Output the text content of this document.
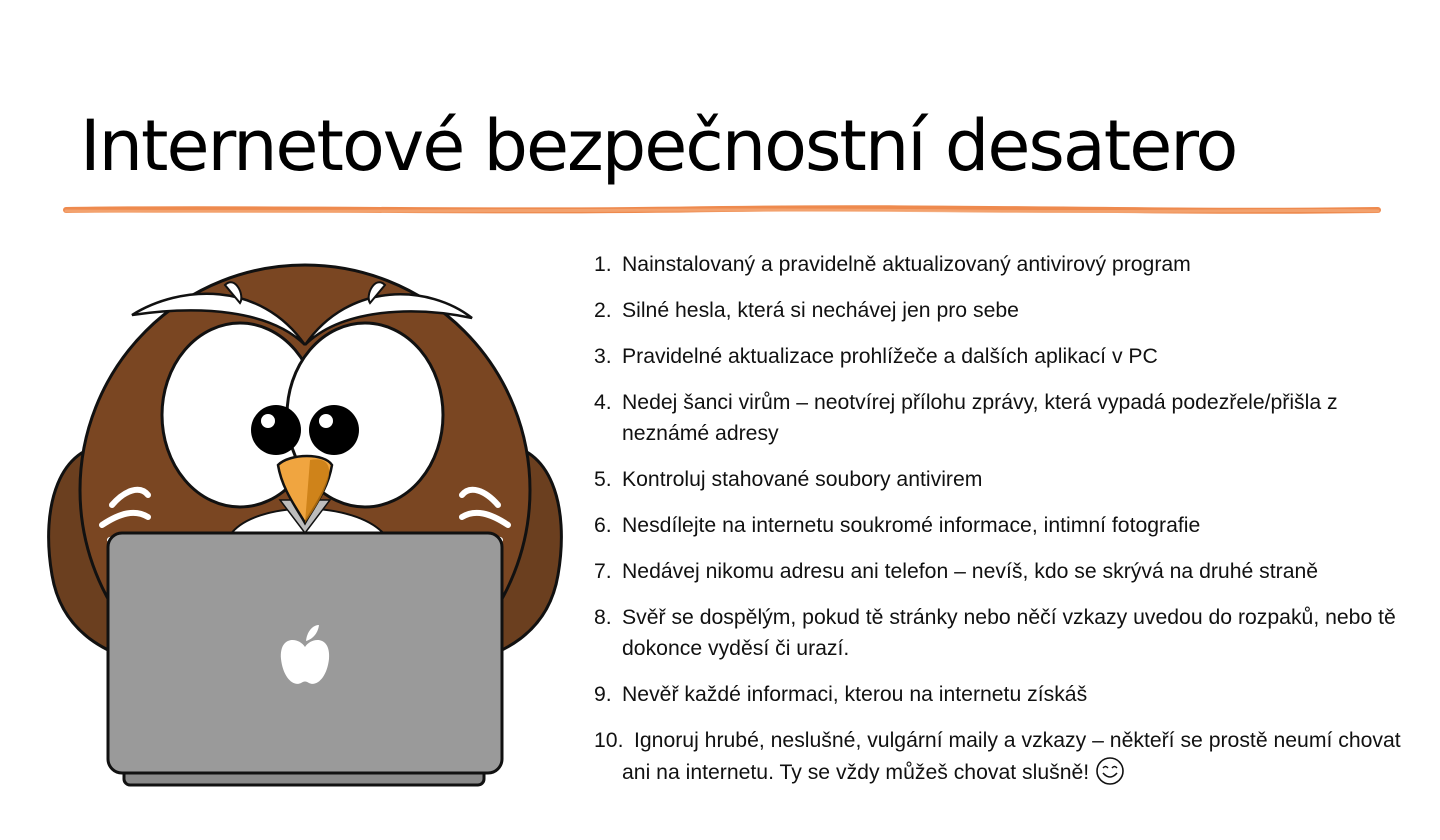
Internetové bezpečnostní desatero
1. Nainstalovaný a pravidelně aktualizovaný antivirový program
2. Silné hesla, která si nechávej jen pro sebe
3. Pravidelné aktualizace prohlížeče a dalších aplikací v PC
4. Nedej šanci virům – neotvírej přílohu zprávy, která vypadá podezřele/přišla z neznámé adresy
5. Kontroluj stahované soubory antivirem
6. Nesdílejte na internetu soukromé informace, intimní fotografie
7. Nedávej nikomu adresu ani telefon – nevíš, kdo se skrývá na druhé straně
8. Svěř se dospělým, pokud tě stránky nebo něčí vzkazy uvedou do rozpaků, nebo tě dokonce vyděsí či urazí.
9. Nevěř každé informaci, kterou na internetu získáš
10. Ignoruj hrubé, neslušné, vulgární maily a vzkazy – někteří se prostě neumí chovat ani na internetu. Ty se vždy můžeš chovat slušně!
